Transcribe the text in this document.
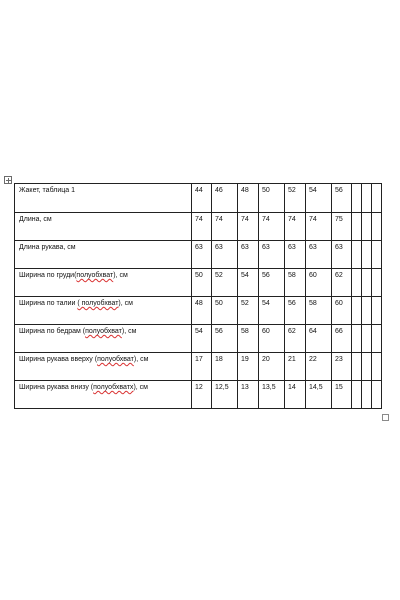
Жакет, таблица 1	44	46	48	50	52	54	56			
Длина, см	74	74	74	74	74	74	75			
Длина рукава, см	63	63	63	63	63	63	63			
Ширина по груди(полуобхват), см	50	52	54	56	58	60	62			
Ширина по талии ( полуобхват), см	48	50	52	54	56	58	60			
Ширина по бедрам (полуобхват), см	54	56	58	60	62	64	66			
Ширина рукава вверху (полуобхват), см	17	18	19	20	21	22	23			
Ширина рукава внизу (полуобхватх), см	12	12,5	13	13,5	14	14,5	15			
